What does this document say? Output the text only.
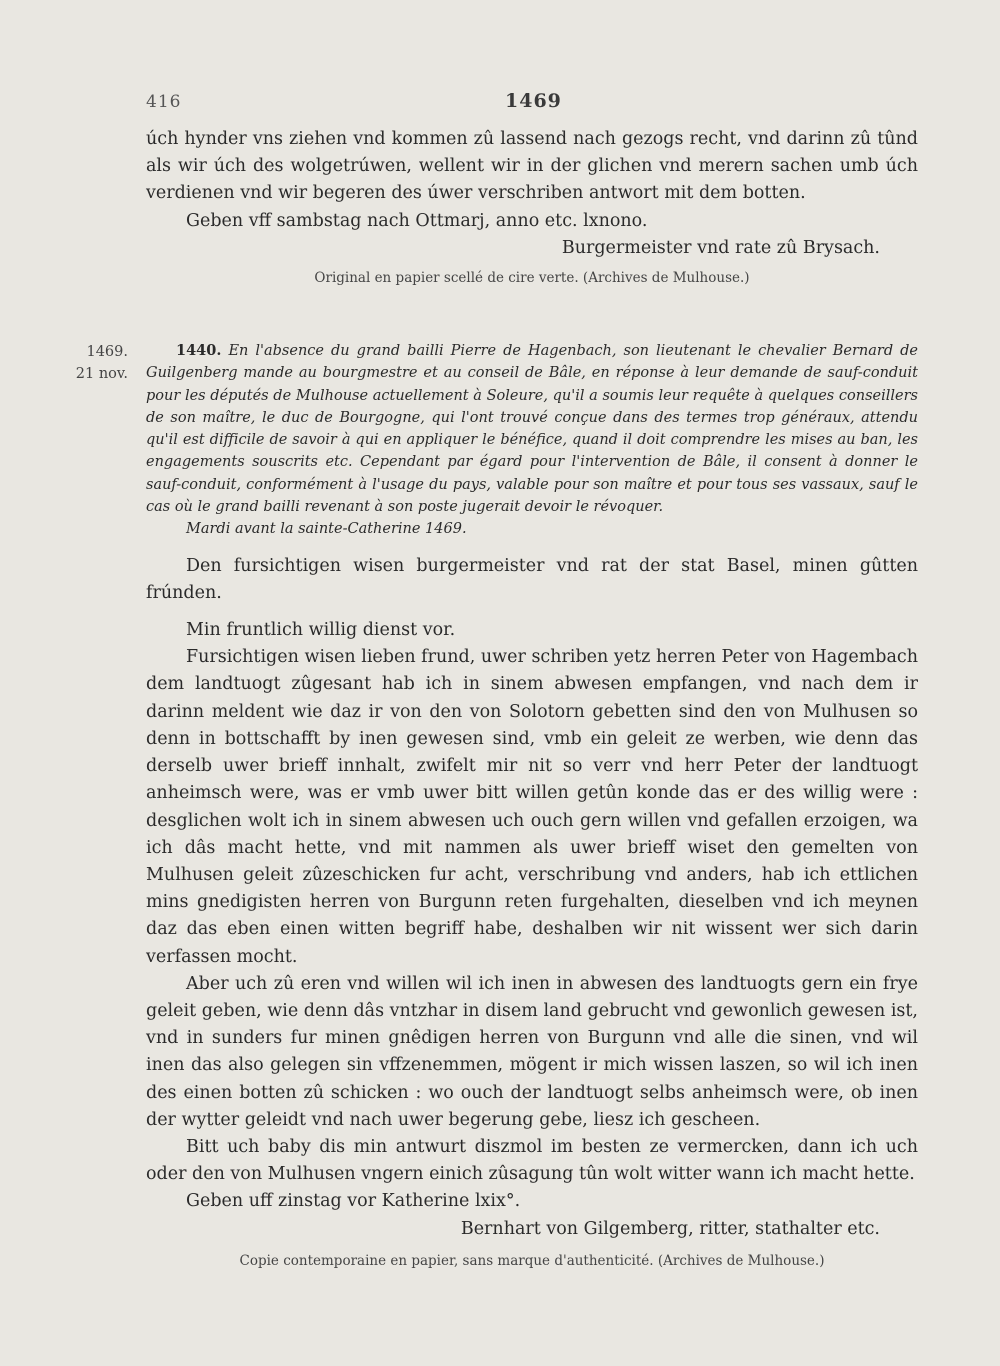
416	1469

úch hynder vns ziehen vnd kommen zû lassend nach gezogs recht, vnd darinn zû tûnd als wir úch des wolgetrúwen, wellent wir in der glichen vnd merern sachen umb úch verdienen vnd wir begeren des úwer verschriben antwort mit dem botten.

Geben vff sambstag nach Ottmarj, anno etc. lxnono.

Burgermeister vnd rate zû Brysach.

Original en papier scellé de cire verte. (Archives de Mulhouse.)

1469.
21 nov.

1440. En l'absence du grand bailli Pierre de Hagenbach, son lieutenant le chevalier Bernard de Guilgenberg mande au bourgmestre et au conseil de Bâle, en réponse à leur demande de sauf-conduit pour les députés de Mulhouse actuellement à Soleure, qu'il a soumis leur requête à quelques conseillers de son maître, le duc de Bourgogne, qui l'ont trouvé conçue dans des termes trop généraux, attendu qu'il est difficile de savoir à qui en appliquer le bénéfice, quand il doit comprendre les mises au ban, les engagements souscrits etc. Cependant par égard pour l'intervention de Bâle, il consent à donner le sauf-conduit, conformément à l'usage du pays, valable pour son maître et pour tous ses vassaux, sauf le cas où le grand bailli revenant à son poste jugerait devoir le révoquer.

Mardi avant la sainte-Catherine 1469.

Den fursichtigen wisen burgermeister vnd rat der stat Basel, minen gûtten frúnden.

Min fruntlich willig dienst vor.

Fursichtigen wisen lieben frund, uwer schriben yetz herren Peter von Hagembach dem landtuogt zûgesant hab ich in sinem abwesen empfangen, vnd nach dem ir darinn meldent wie daz ir von den von Solotorn gebetten sind den von Mulhusen so denn in bottschafft by inen gewesen sind, vmb ein geleit ze werben, wie denn das derselb uwer brieff innhalt, zwifelt mir nit so verr vnd herr Peter der landtuogt anheimsch were, was er vmb uwer bitt willen getûn konde das er des willig were : desglichen wolt ich in sinem abwesen uch ouch gern willen vnd gefallen erzoigen, wa ich dâs macht hette, vnd mit nammen als uwer brieff wiset den gemelten von Mulhusen geleit zûzeschicken fur acht, verschribung vnd anders, hab ich ettlichen mins gnedigisten herren von Burgunn reten furgehalten, dieselben vnd ich meynen daz das eben einen witten begriff habe, deshalben wir nit wissent wer sich darin verfassen mocht.

Aber uch zû eren vnd willen wil ich inen in abwesen des landtuogts gern ein frye geleit geben, wie denn dâs vntzhar in disem land gebrucht vnd gewonlich gewesen ist, vnd in sunders fur minen gnêdigen herren von Burgunn vnd alle die sinen, vnd wil inen das also gelegen sin vffzenemmen, mögent ir mich wissen laszen, so wil ich inen des einen botten zû schicken : wo ouch der landtuogt selbs anheimsch were, ob inen der wytter geleidt vnd nach uwer begerung gebe, liesz ich gescheen.

Bitt uch baby dis min antwurt diszmol im besten ze vermercken, dann ich uch oder den von Mulhusen vngern einich zûsagung tûn wolt witter wann ich macht hette.

Geben uff zinstag vor Katherine lxix°.

Bernhart von Gilgemberg, ritter, stathalter etc.

Copie contemporaine en papier, sans marque d'authenticité. (Archives de Mulhouse.)
